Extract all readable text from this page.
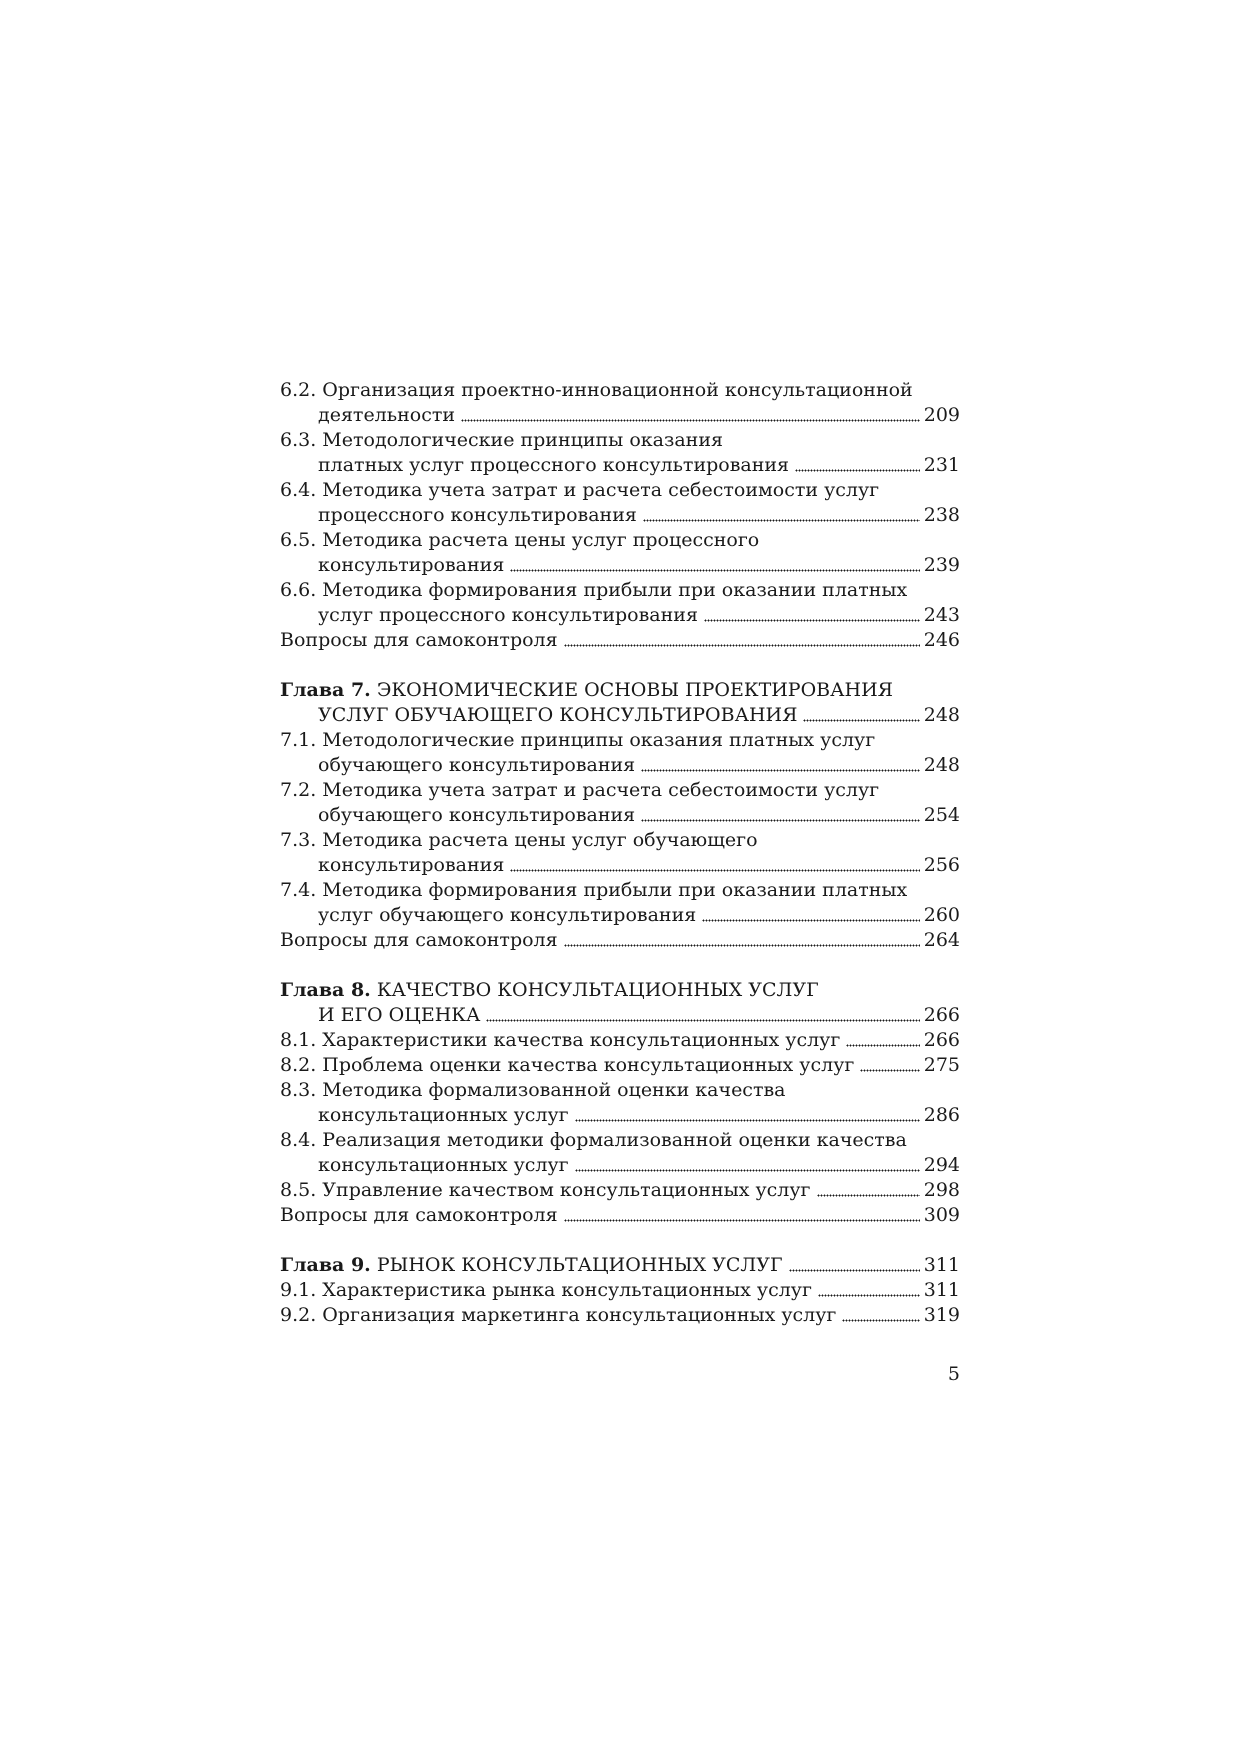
6.2. Организация проектно-инновационной консультационной
деятельности	209
6.3. Методологические принципы оказания
платных услуг процессного консультирования	231
6.4. Методика учета затрат и расчета себестоимости услуг
процессного консультирования	238
6.5. Методика расчета цены услуг процессного
консультирования	239
6.6. Методика формирования прибыли при оказании платных
услуг процессного консультирования	243
Вопросы для самоконтроля	246
Глава 7. ЭКОНОМИЧЕСКИЕ ОСНОВЫ ПРОЕКТИРОВАНИЯ
УСЛУГ ОБУЧАЮЩЕГО КОНСУЛЬТИРОВАНИЯ	248
7.1. Методологические принципы оказания платных услуг
обучающего консультирования	248
7.2. Методика учета затрат и расчета себестоимости услуг
обучающего консультирования	254
7.3. Методика расчета цены услуг обучающего
консультирования	256
7.4. Методика формирования прибыли при оказании платных
услуг обучающего консультирования	260
Вопросы для самоконтроля	264
Глава 8. КАЧЕСТВО КОНСУЛЬТАЦИОННЫХ УСЛУГ
И ЕГО ОЦЕНКА	266
8.1. Характеристики качества консультационных услуг	266
8.2. Проблема оценки качества консультационных услуг	275
8.3. Методика формализованной оценки качества
консультационных услуг	286
8.4. Реализация методики формализованной оценки качества
консультационных услуг	294
8.5. Управление качеством консультационных услуг	298
Вопросы для самоконтроля	309
Глава 9. РЫНОК КОНСУЛЬТАЦИОННЫХ УСЛУГ	311
9.1. Характеристика рынка консультационных услуг	311
9.2. Организация маркетинга консультационных услуг	319
5
